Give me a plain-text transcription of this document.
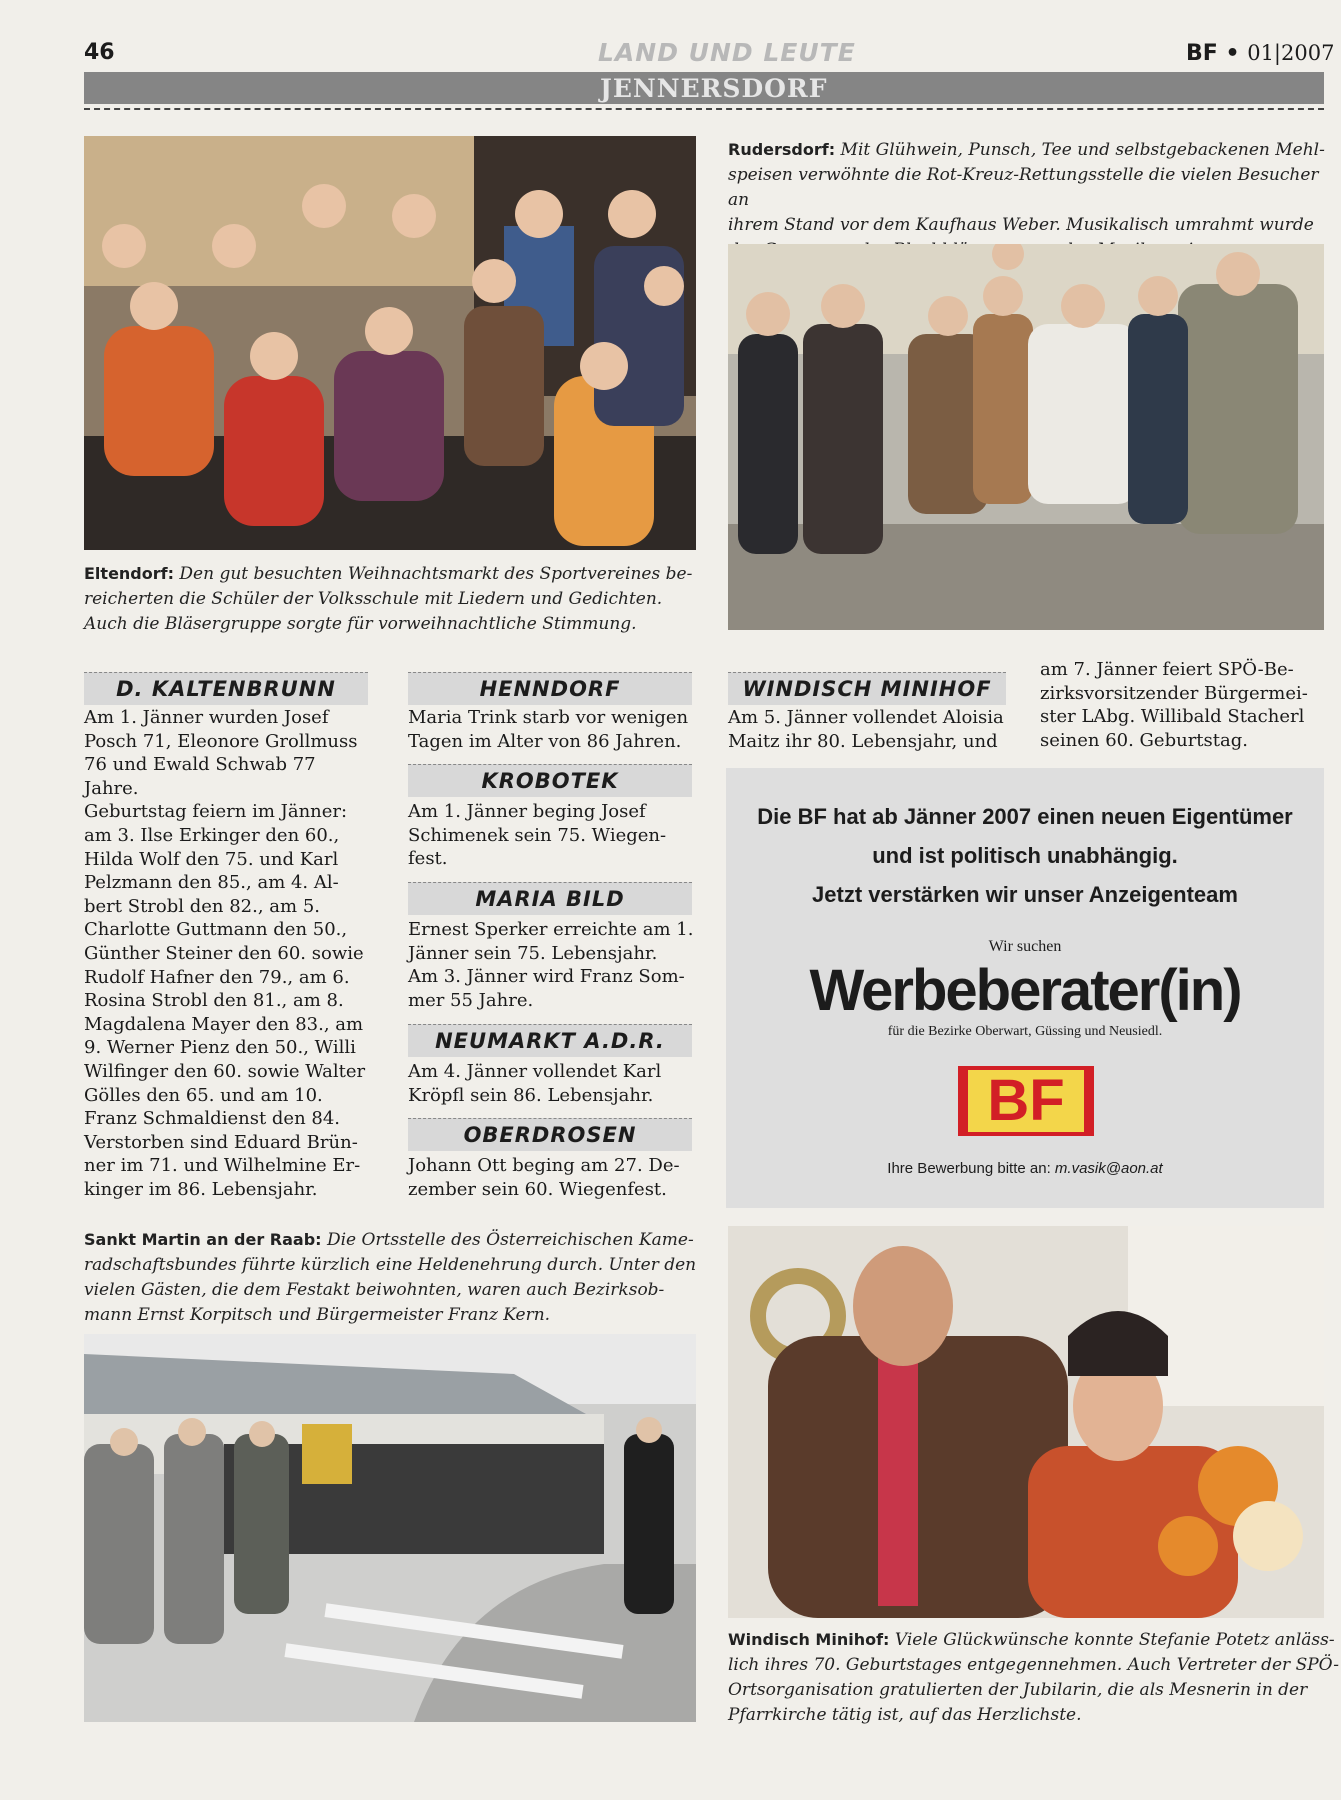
46	LAND UND LEUTE	BF • 01|2007
JENNERSDORF
Eltendorf: Den gut besuchten Weihnachtsmarkt des Sportvereines be-
reicherten die Schüler der Volksschule mit Liedern und Gedichten.
Auch die Bläsergruppe sorgte für vorweihnachtliche Stimmung.
Rudersdorf: Mit Glühwein, Punsch, Tee und selbstgebackenen Mehl-
speisen verwöhnte die Rot-Kreuz-Rettungsstelle die vielen Besucher an
ihrem Stand vor dem Kaufhaus Weber. Musikalisch umrahmt wurde

D. KALTENBRUNN
Am 1. Jänner wurden Josef
Posch 71, Eleonore Grollmuss
76 und Ewald Schwab 77
Jahre.
Geburtstag feiern im Jänner:
am 3. Ilse Erkinger den 60.,
Hilda Wolf den 75. und Karl
Pelzmann den 85., am 4. Al-
bert Strobl den 82., am 5.
Charlotte Guttmann den 50.,
Günther Steiner den 60. sowie
Rudolf Hafner den 79., am 6.
Rosina Strobl den 81., am 8.
Magdalena Mayer den 83., am
9. Werner Pienz den 50., Willi
Wilfinger den 60. sowie Walter
Gölles den 65. und am 10.
Franz Schmaldienst den 84.
Verstorben sind Eduard Brün-
ner im 71. und Wilhelmine Er-
kinger im 86. Lebensjahr.
HENNDORF
Maria Trink starb vor wenigen
Tagen im Alter von 86 Jahren.
KROBOTEK
Am 1. Jänner beging Josef
Schimenek sein 75. Wiegen-
fest.
MARIA BILD
Ernest Sperker erreichte am 1.
Jänner sein 75. Lebensjahr.
Am 3. Jänner wird Franz Som-
mer 55 Jahre.
NEUMARKT A.D.R.
Am 4. Jänner vollendet Karl
Kröpfl sein 86. Lebensjahr.
OBERDROSEN
Johann Ott beging am 27. De-
zember sein 60. Wiegenfest.
WINDISCH MINIHOF
Am 5. Jänner vollendet Aloisia
Maitz ihr 80. Lebensjahr, und
am 7. Jänner feiert SPÖ-Be-
zirksvorsitzender Bürgermei-
ster LAbg. Willibald Stacherl
seinen 60. Geburtstag.
Die BF hat ab Jänner 2007 einen neuen Eigentümer
und ist politisch unabhängig.
Jetzt verstärken wir unser Anzeigenteam
Wir suchen
Werbeberater(in)
für die Bezirke Oberwart, Güssing und Neusiedl.
BF
Ihre Bewerbung bitte an: m.vasik@aon.at
Sankt Martin an der Raab: Die Ortsstelle des Österreichischen Kame-
radschaftsbundes führte kürzlich eine Heldenehrung durch. Unter den
vielen Gästen, die dem Festakt beiwohnten, waren auch Bezirksob-
mann Ernst Korpitsch und Bürgermeister Franz Kern.
Windisch Minihof: Viele Glückwünsche konnte Stefanie Potetz anläss-
lich ihres 70. Geburtstages entgegennehmen. Auch Vertreter der SPÖ-
Ortsorganisation gratulierten der Jubilarin, die als Mesnerin in der
Pfarrkirche tätig ist, auf das Herzlichste.
